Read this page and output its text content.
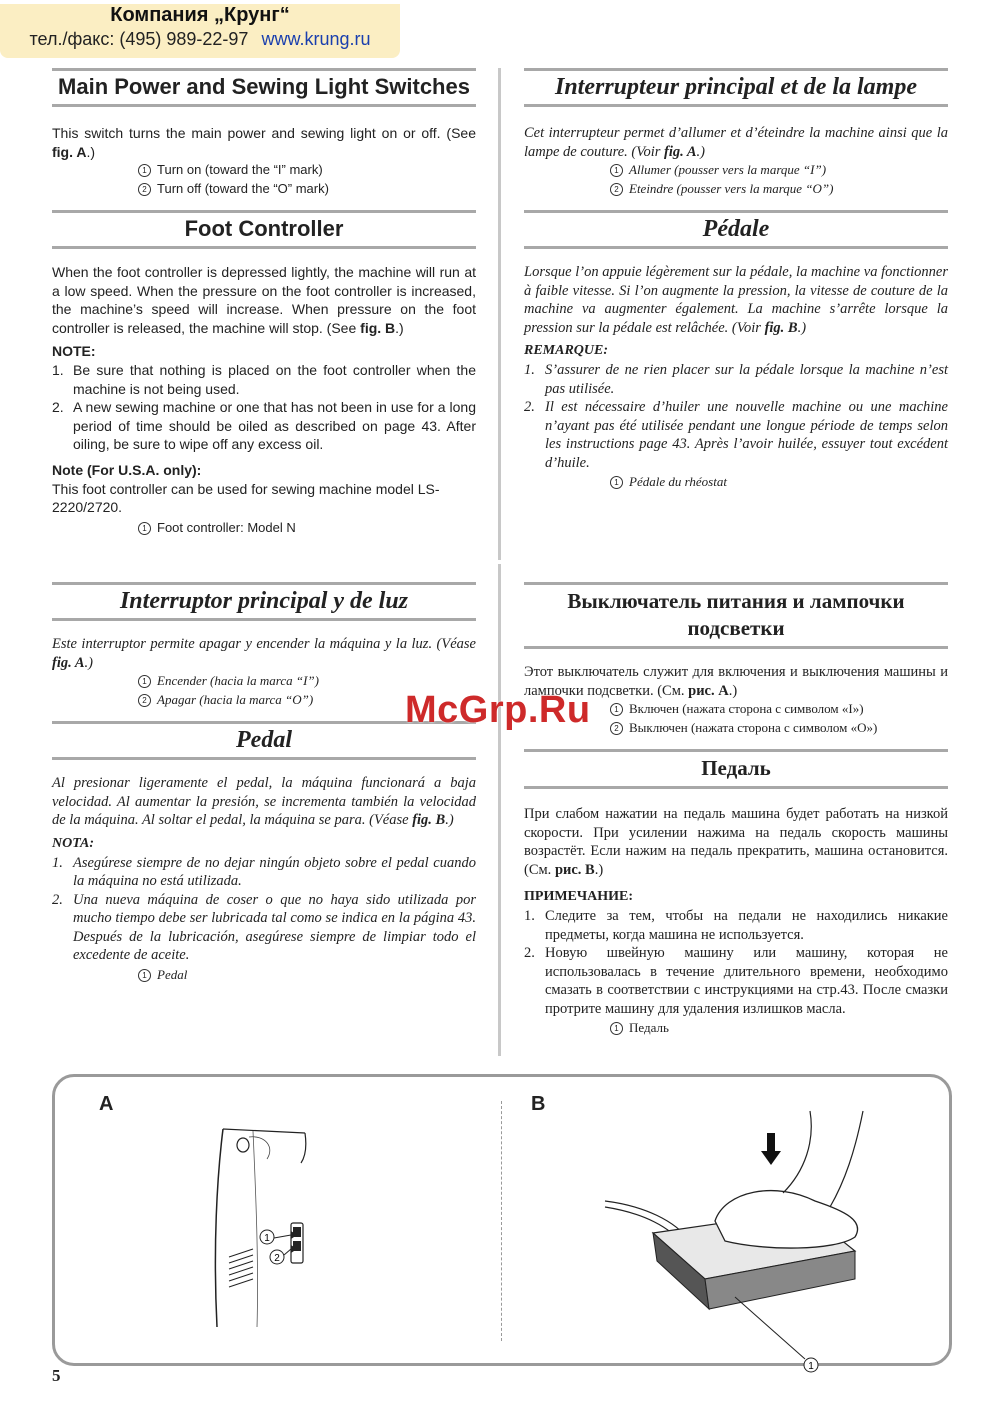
Компания „Крунг“
тел./факс: (495) 989-22-97 www.krung.ru
Main Power and Sewing Light Switches

This switch turns the main power and sewing light on or off. (See fig. A.)

1 Turn on (toward the “I” mark)

2 Turn off (toward the “O” mark)

Foot Controller

When the foot controller is depressed lightly, the machine will run at a low speed. When the pressure on the foot controller is increased, the machine’s speed will increase. When pressure on the foot controller is released, the machine will stop. (See fig. B.)

NOTE:

1. Be sure that nothing is placed on the foot controller when the machine is not being used.
2. A new sewing machine or one that has not been in use for a long period of time should be oiled as described on page 43. After oiling, be sure to wipe off any excess oil.

Note (For U.S.A. only):

This foot controller can be used for sewing machine model LS-2220/2720.

1 Foot controller: Model N

Interrupteur principal et de la lampe

Cet interrupteur permet d’allumer et d’éteindre la machine ainsi que la lampe de couture. (Voir fig. A.)

1 Allumer (pousser vers la marque “I”)

2 Eteindre (pousser vers la marque “O”)

Pédale

Lorsque l’on appuie légèrement sur la pédale, la machine va fonctionner à faible vitesse. Si l’on augmente la pression, la vitesse de couture de la machine va augmenter également. La machine s’arrête lorsque la pression sur la pédale est relâchée. (Voir fig. B.)

REMARQUE:

1. S’assurer de ne rien placer sur la pédale lorsque la machine n’est pas utilisée.
2. Il est nécessaire d’huiler une nouvelle machine ou une machine n’ayant pas été utilisée pendant une longue période de temps selon les instructions page 43. Après l’avoir huilée, essuyer tout excédent d’huile.

1 Pédale du rhéostat

Interruptor principal y de luz

Este interruptor permite apagar y encender la máquina y la luz. (Véase fig. A.)

1 Encender (hacia la marca “I”)

2 Apagar (hacia la marca “O”)

Pedal

Al presionar ligeramente el pedal, la máquina funcionará a baja velocidad. Al aumentar la presión, se incrementa también la velocidad de la máquina. Al soltar el pedal, la máquina se para. (Véase fig. B.)

NOTA:

1. Asegúrese siempre de no dejar ningún objeto sobre el pedal cuando la máquina no está utilizada.
2. Una nueva máquina de coser o que no haya sido utilizada por mucho tiempo debe ser lubricada tal como se indica en la página 43. Después de la lubricación, asegúrese siempre de limpiar todo el excedente de aceite.

1 Pedal

Выключатель питания и лампочки
подсветки

Этот выключатель служит для включения и выключения машины и лампочки подсветки. (См. рис. A.)

1 Включен (нажата сторона с символом «I»)

2 Выключен (нажата сторона с символом «O»)

Педаль

При слабом нажатии на педаль машина будет работать на низкой скорости. При усилении нажима на педаль скорость машины возрастёт. Если нажим на педаль прекратить, машина остановится. (См. рис. B.)

ПРИМЕЧАНИЕ:

1. Следите за тем, чтобы на педали не находились никакие предметы, когда машина не используется.
2. Новую швейную машину или машину, которая не использовалась в течение длительного времени, необходимо смазать в соответствии с инструкциями на стр.43. После смазки протрите машину для удаления излишков масла.

1 Педаль

McGrp.Ru
A	B
1
2
1
5
